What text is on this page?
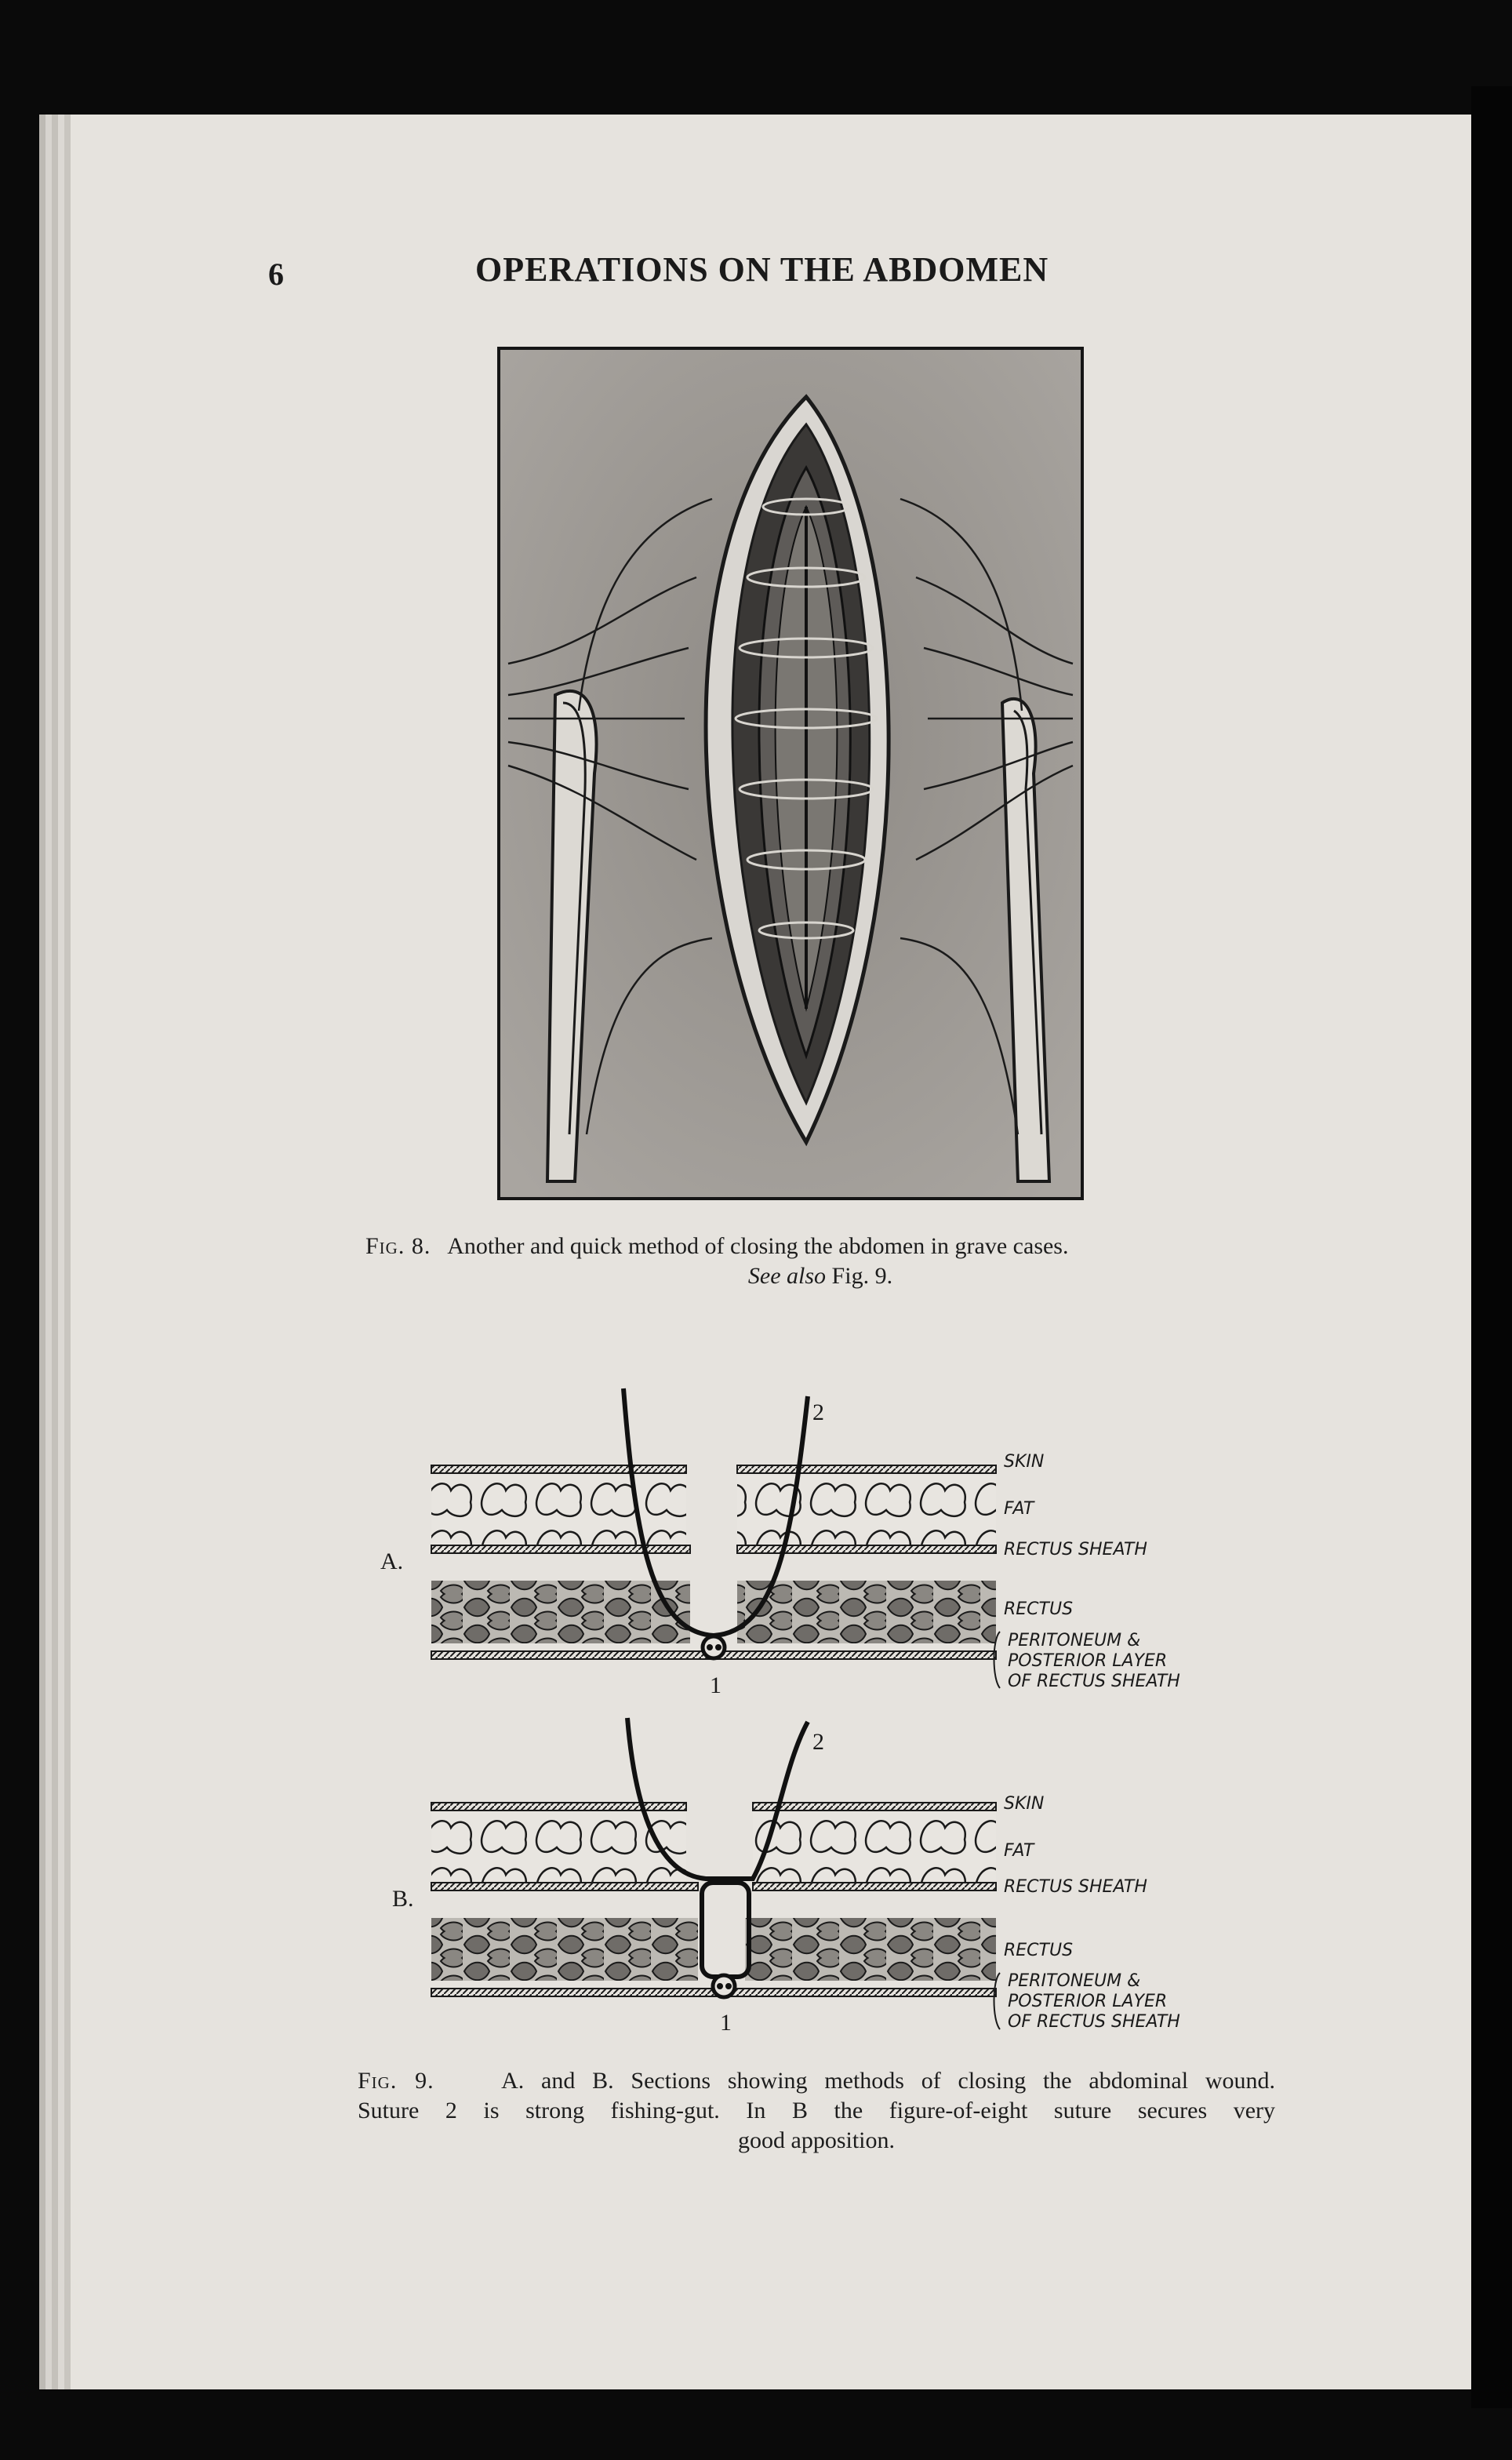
6	OPERATIONS ON THE ABDOMEN
Fig. 8. Another and quick method of closing the abdomen in grave cases.
See also Fig. 9.
A.
2
1
SKIN
FAT
RECTUS SHEATH
RECTUS
PERITONEUM &
POSTERIOR LAYER
OF RECTUS SHEATH
B.
2
1
SKIN
FAT
RECTUS SHEATH
RECTUS
PERITONEUM &
POSTERIOR LAYER
OF RECTUS SHEATH
Fig. 9.	A. and B. Sections showing methods of closing the abdominal wound.
Suture 2 is strong fishing-gut. In B the figure-of-eight suture secures very
good apposition.
